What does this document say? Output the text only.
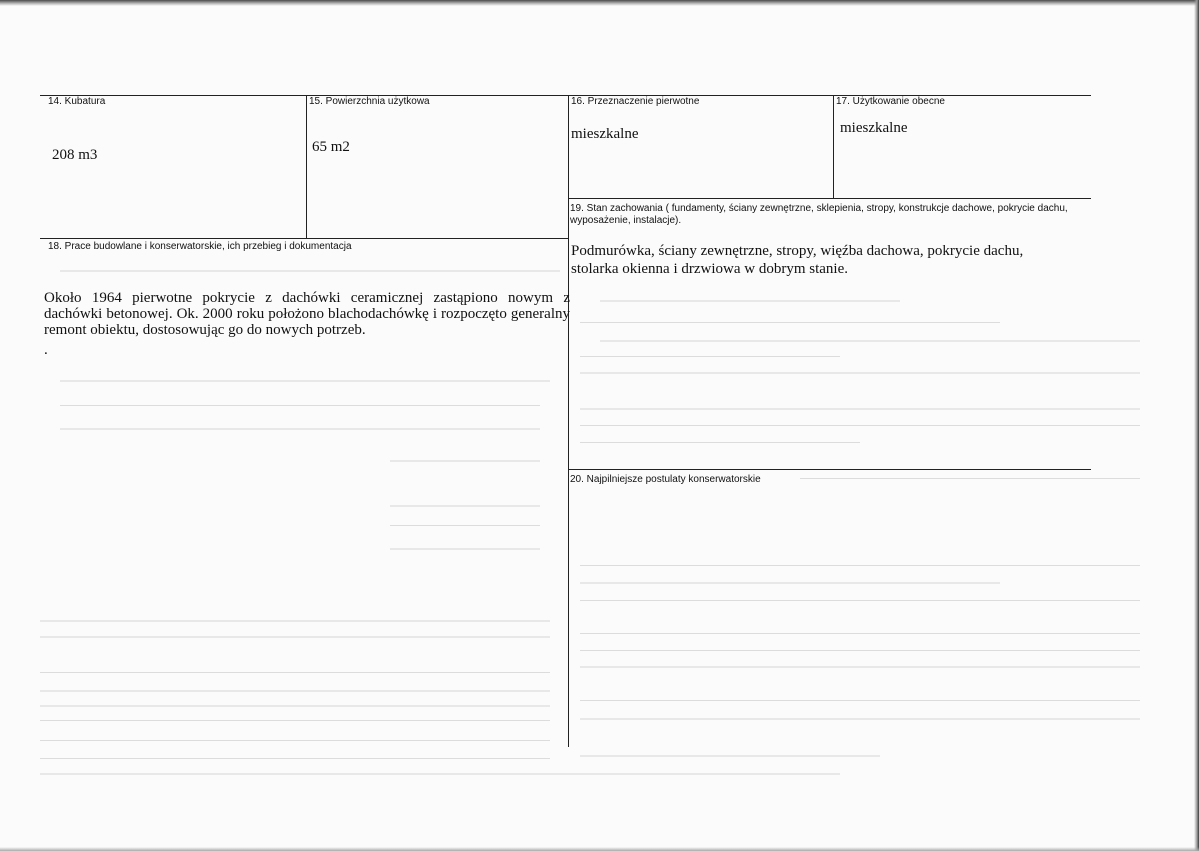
14. Kubatura
208 m3
15. Powierzchnia użytkowa
65 m2
16. Przeznaczenie pierwotne
mieszkalne
17. Użytkowanie obecne
mieszkalne
18. Prace budowlane i konserwatorskie, ich przebieg i dokumentacja
Około 1964 pierwotne pokrycie z dachówki ceramicznej zastąpiono nowym z dachówki betonowej. Ok. 2000 roku położono blachodachówkę i rozpoczęto generalny remont obiektu, dostosowując go do nowych potrzeb.
.
19. Stan zachowania ( fundamenty, ściany zewnętrzne, sklepienia, stropy, konstrukcje dachowe, pokrycie dachu, wyposażenie, instalacje).
Podmurówka, ściany zewnętrzne, stropy, więźba dachowa, pokrycie dachu, stolarka okienna i drzwiowa w dobrym stanie.
20. Najpilniejsze postulaty konserwatorskie
